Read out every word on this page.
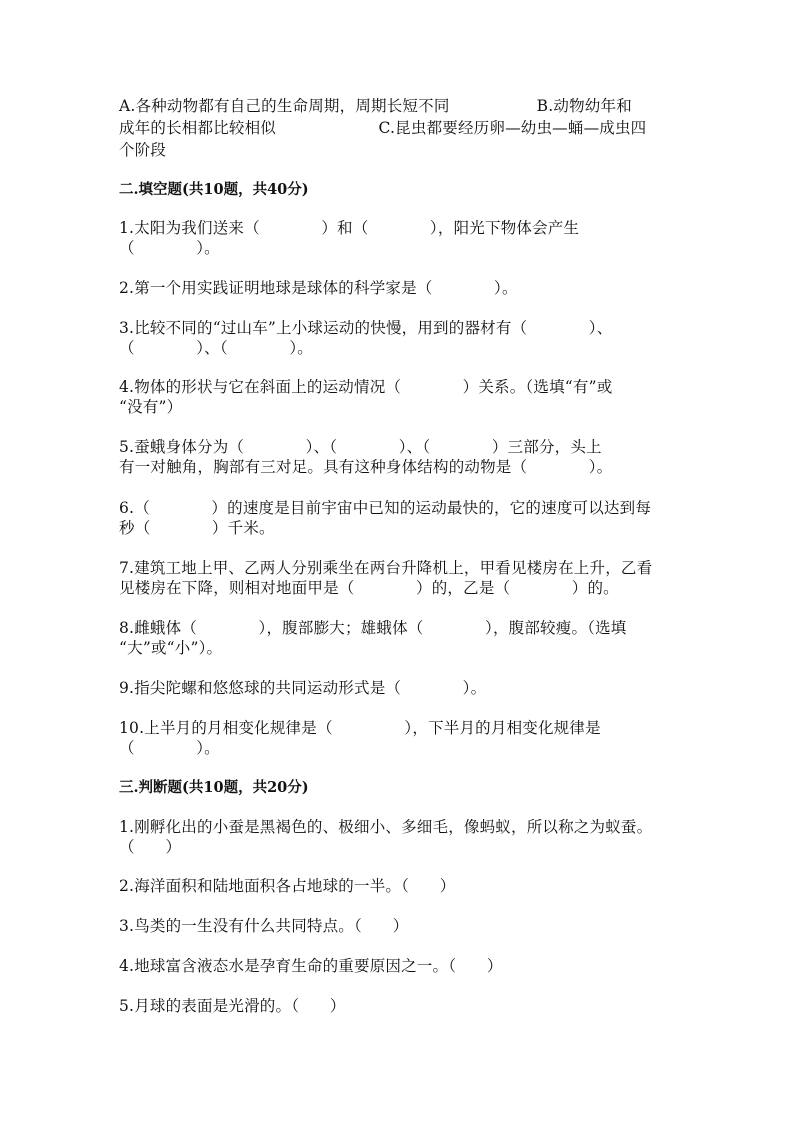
A.各种动物都有自己的生命周期，周期长短不同                 B.动物幼年和
成年的长相都比较相似                    C.昆虫都要经历卵—幼虫—蛹—成虫四
个阶段
二.填空题(共10题，共40分)
1.太阳为我们送来（            ）和（            ），阳光下物体会产生
（            ）。
2.第一个用实践证明地球是球体的科学家是（            ）。
3.比较不同的“过山车”上小球运动的快慢，用到的器材有（            ）、
（            ）、（            ）。
4.物体的形状与它在斜面上的运动情况（            ）关系。（选填“有”或
“没有”）
5.蚕蛾身体分为（            ）、（            ）、（            ）三部分，头上
有一对触角，胸部有三对足。具有这种身体结构的动物是（            ）。
6.（            ）的速度是目前宇宙中已知的运动最快的，它的速度可以达到每
秒（            ）千米。
7.建筑工地上甲、乙两人分别乘坐在两台升降机上，甲看见楼房在上升，乙看
见楼房在下降，则相对地面甲是（            ）的，乙是（            ）的。
8.雌蛾体（            ），腹部膨大；雄蛾体（            ），腹部较瘦。（选填
“大”或“小”）。
9.指尖陀螺和悠悠球的共同运动形式是（            ）。
10.上半月的月相变化规律是（              ），下半月的月相变化规律是
（            ）。
三.判断题(共10题，共20分)
1.刚孵化出的小蚕是黑褐色的、极细小、多细毛，像蚂蚁，所以称之为蚁蚕。
（      ）
2.海洋面积和陆地面积各占地球的一半。（      ）
3.鸟类的一生没有什么共同特点。（      ）
4.地球富含液态水是孕育生命的重要原因之一。（      ）
5.月球的表面是光滑的。（      ）
